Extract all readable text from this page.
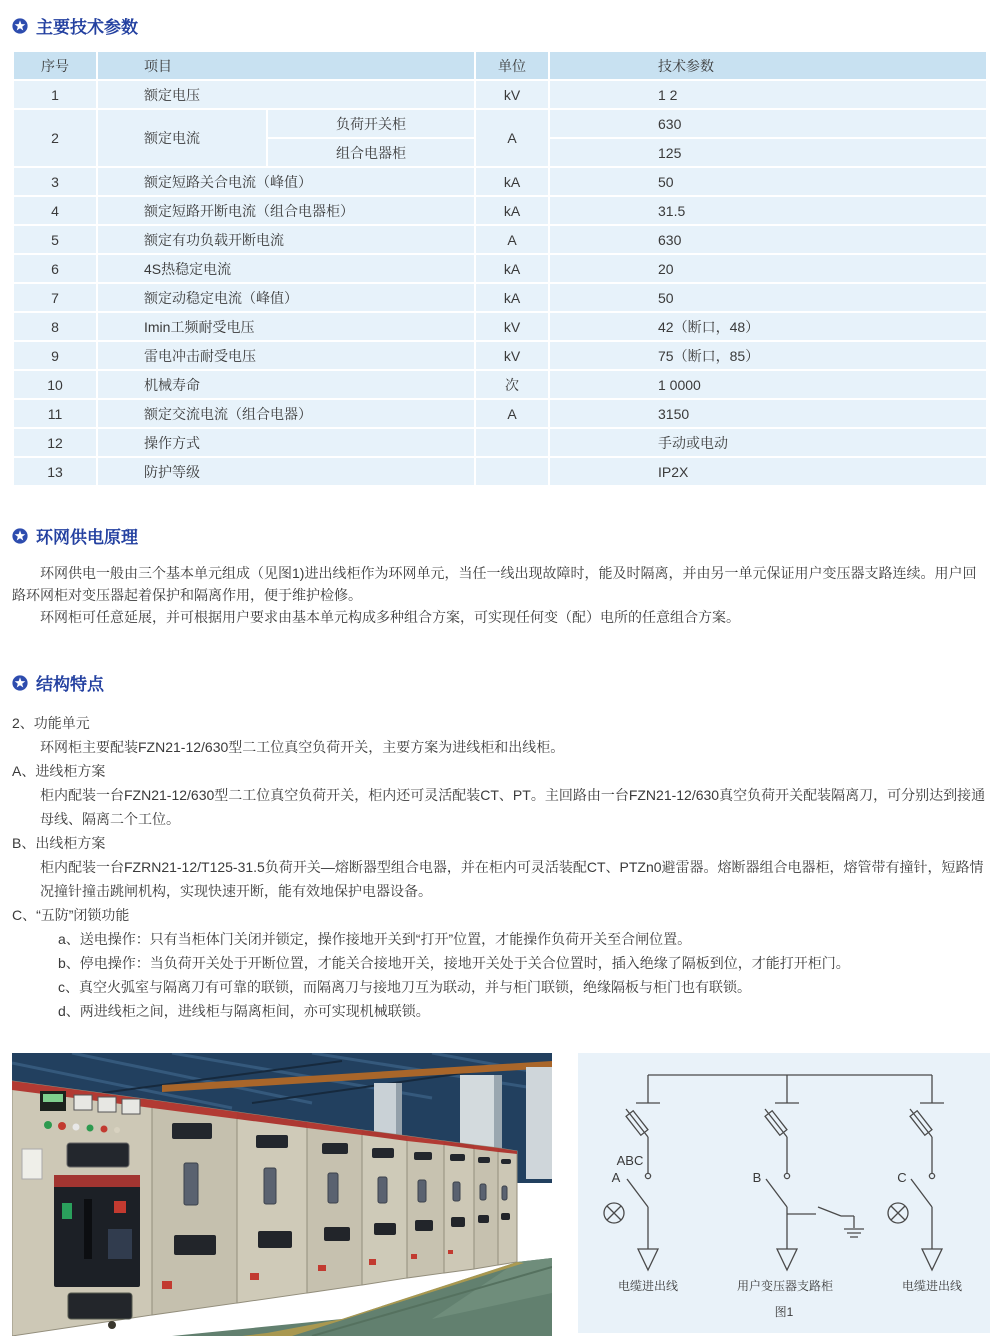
主要技术参数
序号	项目		单位	技术参数
1	额定电压		kV	1 2
2	额定电流	负荷开关柜	A	630
		组合电器柜		125
3	额定短路关合电流（峰值）		kA	50
4	额定短路开断电流（组合电器柜）		kA	31.5
5	额定有功负载开断电流		A	630
6	4S热稳定电流		kA	20
7	额定动稳定电流（峰值）		kA	50
8	Imin工频耐受电压		kV	42（断口，48）
9	雷电冲击耐受电压		kV	75（断口，85）
10	机械寿命		次	1 0000
11	额定交流电流（组合电器）		A	3150
12	操作方式			手动或电动
13	防护等级			IP2X
环网供电原理

环网供电一般由三个基本单元组成（见图1)进出线柜作为环网单元，当任一线出现故障时，能及时隔离，并由另一单元保证用户变压器支路连续。用户回路环网柜对变压器起着保护和隔离作用，便于维护检修。

环网柜可任意延展，并可根据用户要求由基本单元构成多种组合方案，可实现任何变（配）电所的任意组合方案。

结构特点
2、功能单元
环网柜主要配装FZN21-12/630型二工位真空负荷开关，主要方案为进线柜和出线柜。
A、进线柜方案
柜内配装一台FZN21-12/630型二工位真空负荷开关，柜内还可灵活配装CT、PT。主回路由一台FZN21-12/630真空负荷开关配装隔离刀，可分别达到接通母线、隔离二个工位。
B、出线柜方案
柜内配装一台FZRN21-12/T125-31.5负荷开关—熔断器型组合电器，并在柜内可灵活装配CT、PTZn0避雷器。熔断器组合电器柜，熔管带有撞针，短路情况撞针撞击跳闸机构，实现快速开断，能有效地保护电器设备。
C、“五防”闭锁功能
a、送电操作：只有当柜体门关闭并锁定，操作接地开关到“打开”位置，才能操作负荷开关至合闸位置。
b、停电操作：当负荷开关处于开断位置，才能关合接地开关，接地开关处于关合位置时，插入绝缘了隔板到位，才能打开柜门。
c、真空火弧室与隔离刀有可靠的联锁，而隔离刀与接地刀互为联动，并与柜门联锁，绝缘隔板与柜门也有联锁。
d、两进线柜之间，进线柜与隔离柜间，亦可实现机械联锁。
ABC
A	B	C
电缆进出线	用户变压器支路柜	电缆进出线
图1
